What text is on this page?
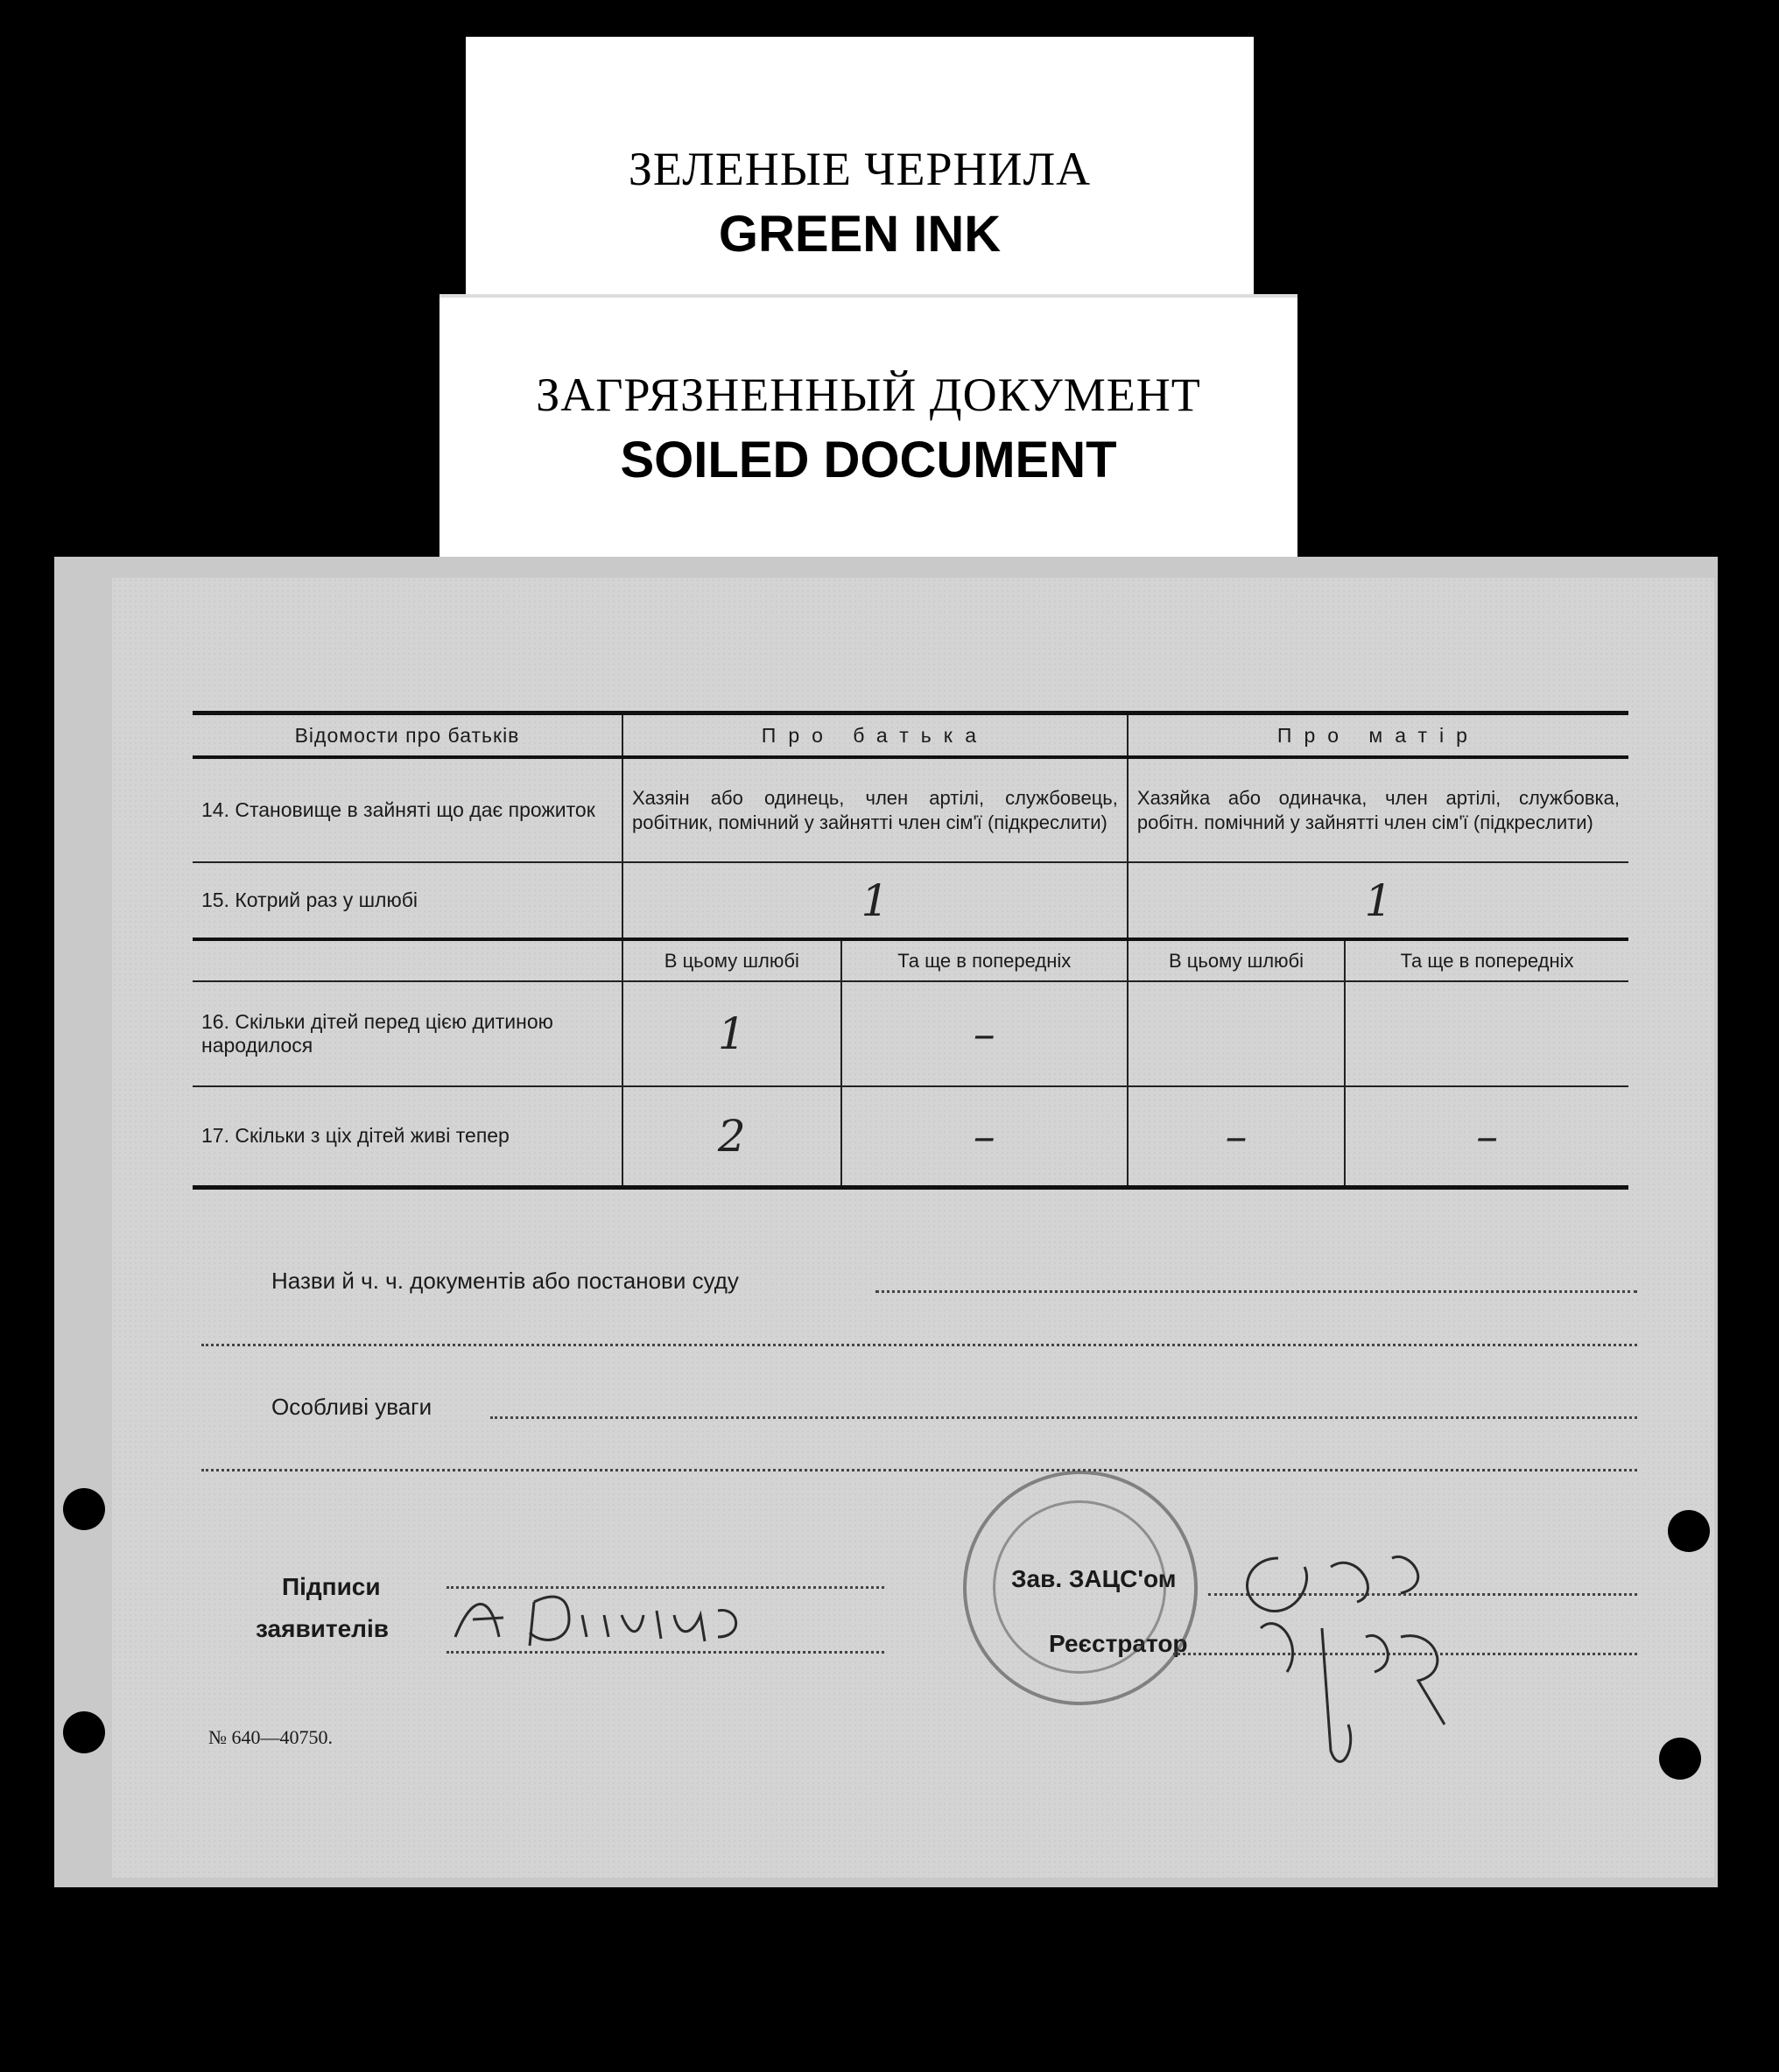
ЗЕЛЕНЫЕ ЧЕРНИЛА
GREEN INK
ЗАГРЯЗНЕННЫЙ ДОКУМЕНТ
SOILED DOCUMENT
Відомости про батьків	Про батька		Про матір	
14. Становище в зайняті що дає прожиток	Хазяін або одинець, член артілі, службовець, робітник, помічний у зайнятті член сім'ї (підкреслити)		Хазяйка або одиначка, член артілі, службовка, робітн. помічний у зайнятті член сім'ї (підкреслити)	
15. Котрий раз у шлюбі	1		1	
	В цьому шлюбі	Та ще в попередніх	В цьому шлюбі	Та ще в попередніх
16. Скільки дітей перед цією дитиною народилося	1	–		
17. Скільки з ціх дітей живі тепер	2	–	–	–
Назви й ч. ч. документів або постанови суду
Особливі уваги
Підписи
заявителів
Зав. ЗАЦС'ом
Реєстратор
№ 640—40750.
